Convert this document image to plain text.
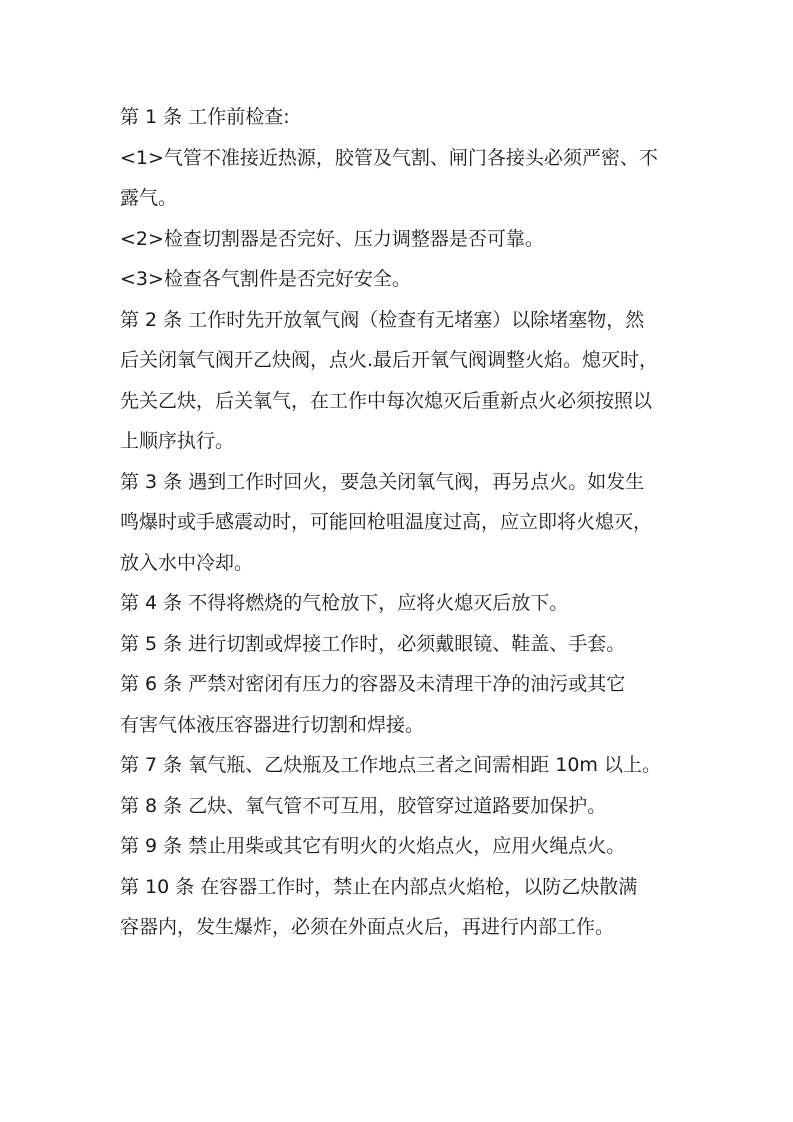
第 1 条 工作前检查:
<1>气管不准接近热源，胶管及气割、闸门各接头必须严密、不
露气。
<2>检查切割器是否完好、压力调整器是否可靠。
<3>检查各气割件是否完好安全。
第 2 条 工作时先开放氧气阀（检查有无堵塞）以除堵塞物，然
后关闭氧气阀开乙炔阀，点火.最后开氧气阀调整火焰。熄灭时，
先关乙炔，后关氧气，在工作中每次熄灭后重新点火必须按照以
上顺序执行。
第 3 条 遇到工作时回火，要急关闭氧气阀，再另点火。如发生
鸣爆时或手感震动时，可能回枪咀温度过高，应立即将火熄灭，
放入水中冷却。
第 4 条 不得将燃烧的气枪放下，应将火熄灭后放下。
第 5 条 进行切割或焊接工作时，必须戴眼镜、鞋盖、手套。
第 6 条 严禁对密闭有压力的容器及未清理干净的油污或其它
有害气体液压容器进行切割和焊接。
第 7 条 氧气瓶、乙炔瓶及工作地点三者之间需相距 10m 以上。
第 8 条 乙炔、氧气管不可互用，胶管穿过道路要加保护。
第 9 条 禁止用柴或其它有明火的火焰点火，应用火绳点火。
第 10 条 在容器工作时，禁止在内部点火焰枪，以防乙炔散满
容器内，发生爆炸，必须在外面点火后，再进行内部工作。
